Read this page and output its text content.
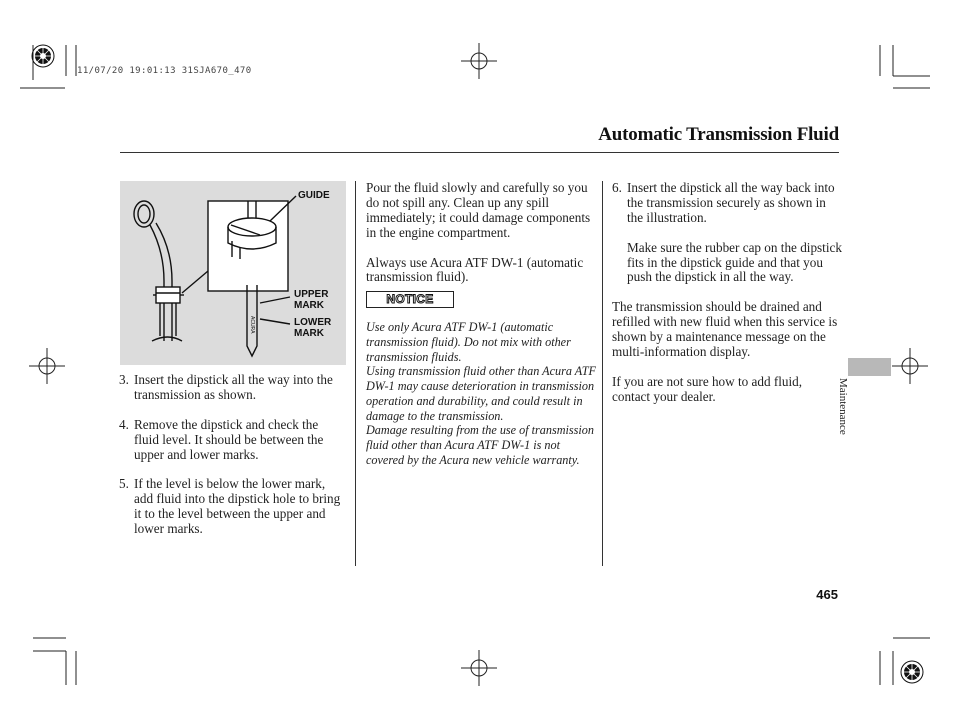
11/07/20 19:01:13 31SJA670_470
Automatic Transmission Fluid
ACURA
GUIDE
UPPER
MARK
LOWER
MARK
3. Insert the dipstick all the way into the transmission as shown.
4. Remove the dipstick and check the fluid level. It should be between the upper and lower marks.
5. If the level is below the lower mark, add fluid into the dipstick hole to bring it to the level between the upper and lower marks.

Pour the fluid slowly and carefully so you do not spill any. Clean up any spill immediately; it could damage components in the engine compartment.

Always use Acura ATF DW-1 (automatic transmission fluid).

NOTICE

Use only Acura ATF DW-1 (automatic transmission fluid). Do not mix with other transmission fluids.

Using transmission fluid other than Acura ATF DW-1 may cause deterioration in transmission operation and durability, and could result in damage to the transmission.

Damage resulting from the use of transmission fluid other than Acura ATF DW-1 is not covered by the Acura new vehicle warranty.

6. Insert the dipstick all the way back into the transmission securely as shown in the illustration.

Make sure the rubber cap on the dipstick fits in the dipstick guide and that you push the dipstick in all the way.

The transmission should be drained and refilled with new fluid when this service is shown by a maintenance message on the multi-information display.

If you are not sure how to add fluid, contact your dealer.	Maintenance
465
